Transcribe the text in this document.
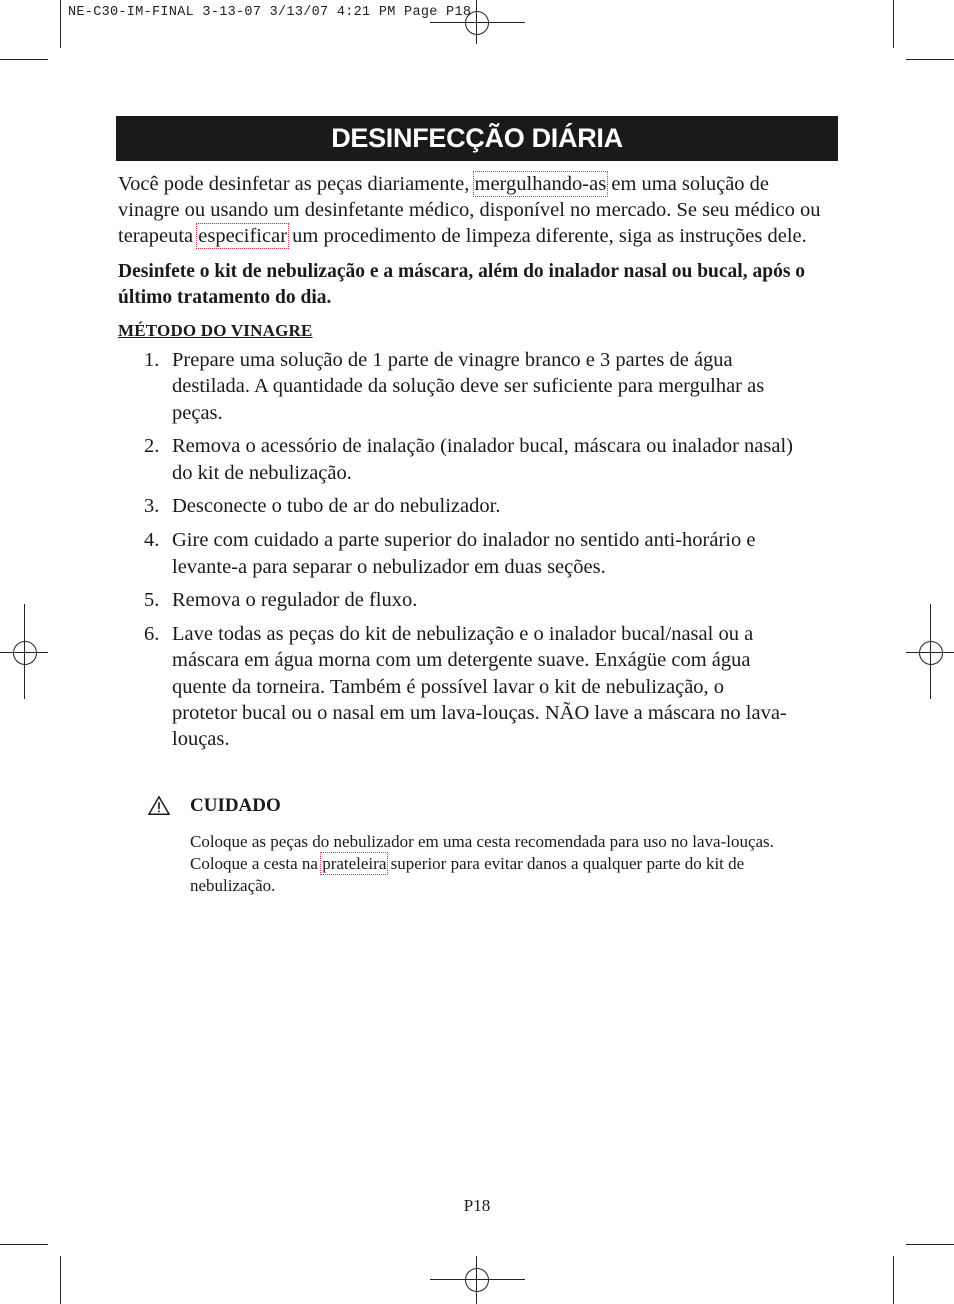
NE-C30-IM-FINAL 3-13-07 3/13/07 4:21 PM Page P18
DESINFECÇÃO DIÁRIA

Você pode desinfetar as peças diariamente, mergulhando-as em uma solução de vinagre ou usando um desinfetante médico, disponível no mercado. Se seu médico ou terapeuta especificar um procedimento de limpeza diferente, siga as instruções dele.

Desinfete o kit de nebulização e a máscara, além do inalador nasal ou bucal, após o último tratamento do dia.

MÉTODO DO VINAGRE

1. Prepare uma solução de 1 parte de vinagre branco e 3 partes de água destilada. A quantidade da solução deve ser suficiente para mergulhar as peças.
2. Remova o acessório de inalação (inalador bucal, máscara ou inalador nasal) do kit de nebulização.
3. Desconecte o tubo de ar do nebulizador.
4. Gire com cuidado a parte superior do inalador no sentido anti-horário e levante-a para separar o nebulizador em duas seções.
5. Remova o regulador de fluxo.
6. Lave todas as peças do kit de nebulização e o inalador bucal/nasal ou a máscara em água morna com um detergente suave. Enxágüe com água quente da torneira. Também é possível lavar o kit de nebulização, o protetor bucal ou o nasal em um lava-louças. NÃO lave a máscara no lava-louças.
CUIDADO

Coloque as peças do nebulizador em uma cesta recomendada para uso no lava-louças. Coloque a cesta na prateleira superior para evitar danos a qualquer parte do kit de nebulização.

P18
